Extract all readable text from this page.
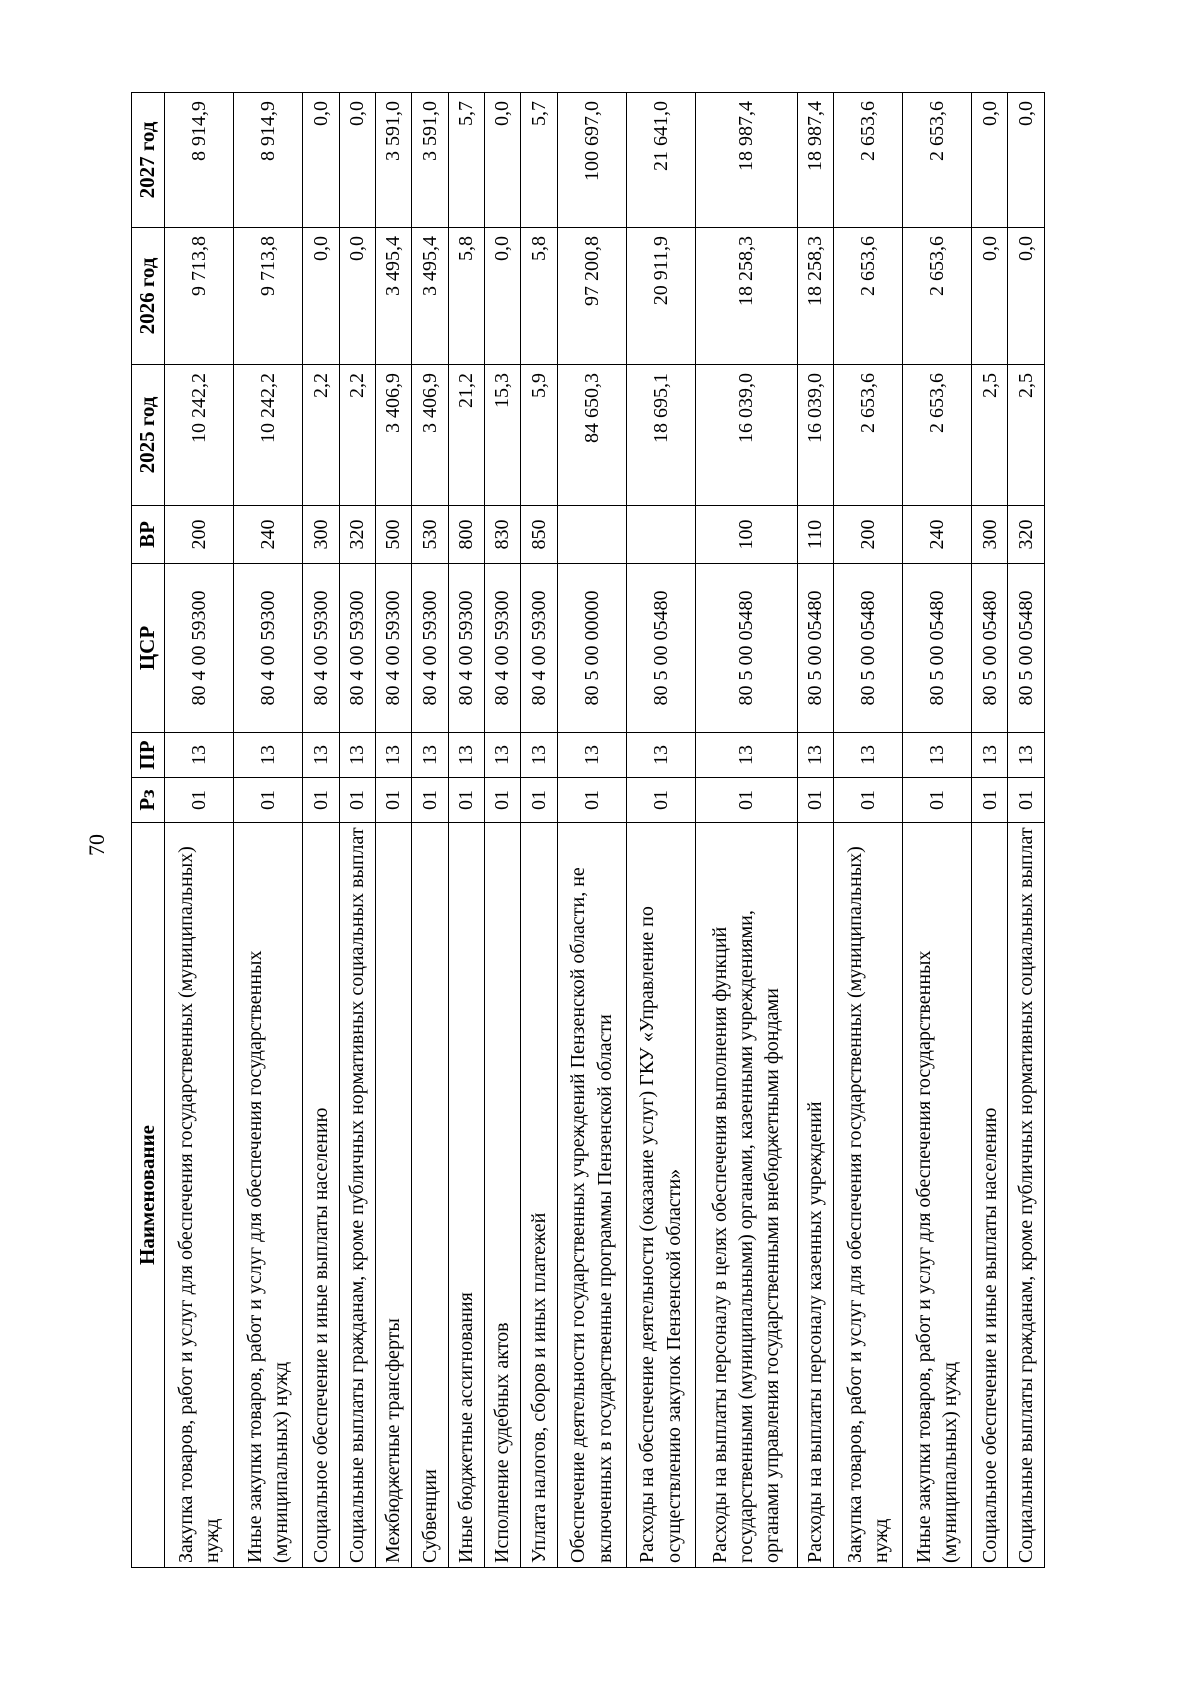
70
Наименование	Рз	ПР	ЦСР	ВР	2025 год	2026 год	2027 год
Закупка товаров, работ и услуг для обеспечения государственных (муниципальных) нужд	01	13	80 4 00 59300	200	10 242,2	9 713,8	8 914,9
Иные закупки товаров, работ и услуг для обеспечения государственных (муниципальных) нужд	01	13	80 4 00 59300	240	10 242,2	9 713,8	8 914,9
Социальное обеспечение и иные выплаты населению	01	13	80 4 00 59300	300	2,2	0,0	0,0
Социальные выплаты гражданам, кроме публичных нормативных социальных выплат	01	13	80 4 00 59300	320	2,2	0,0	0,0
Межбюджетные трансферты	01	13	80 4 00 59300	500	3 406,9	3 495,4	3 591,0
Субвенции	01	13	80 4 00 59300	530	3 406,9	3 495,4	3 591,0
Иные бюджетные ассигнования	01	13	80 4 00 59300	800	21,2	5,8	5,7
Исполнение судебных актов	01	13	80 4 00 59300	830	15,3	0,0	0,0
Уплата налогов, сборов и иных платежей	01	13	80 4 00 59300	850	5,9	5,8	5,7
Обеспечение деятельности государственных учреждений Пензенской области, не включенных в государственные программы Пензенской области	01	13	80 5 00 00000		84 650,3	97 200,8	100 697,0
Расходы на обеспечение деятельности (оказание услуг) ГКУ «Управление по осуществлению закупок Пензенской области»	01	13	80 5 00 05480		18 695,1	20 911,9	21 641,0
Расходы на выплаты персоналу в целях обеспечения выполнения функций государственными (муниципальными) органами, казенными учреждениями, органами управления государственными внебюджетными фондами	01	13	80 5 00 05480	100	16 039,0	18 258,3	18 987,4
Расходы на выплаты персоналу казенных учреждений	01	13	80 5 00 05480	110	16 039,0	18 258,3	18 987,4
Закупка товаров, работ и услуг для обеспечения государственных (муниципальных) нужд	01	13	80 5 00 05480	200	2 653,6	2 653,6	2 653,6
Иные закупки товаров, работ и услуг для обеспечения государственных (муниципальных) нужд	01	13	80 5 00 05480	240	2 653,6	2 653,6	2 653,6
Социальное обеспечение и иные выплаты населению	01	13	80 5 00 05480	300	2,5	0,0	0,0
Социальные выплаты гражданам, кроме публичных нормативных социальных выплат	01	13	80 5 00 05480	320	2,5	0,0	0,0
